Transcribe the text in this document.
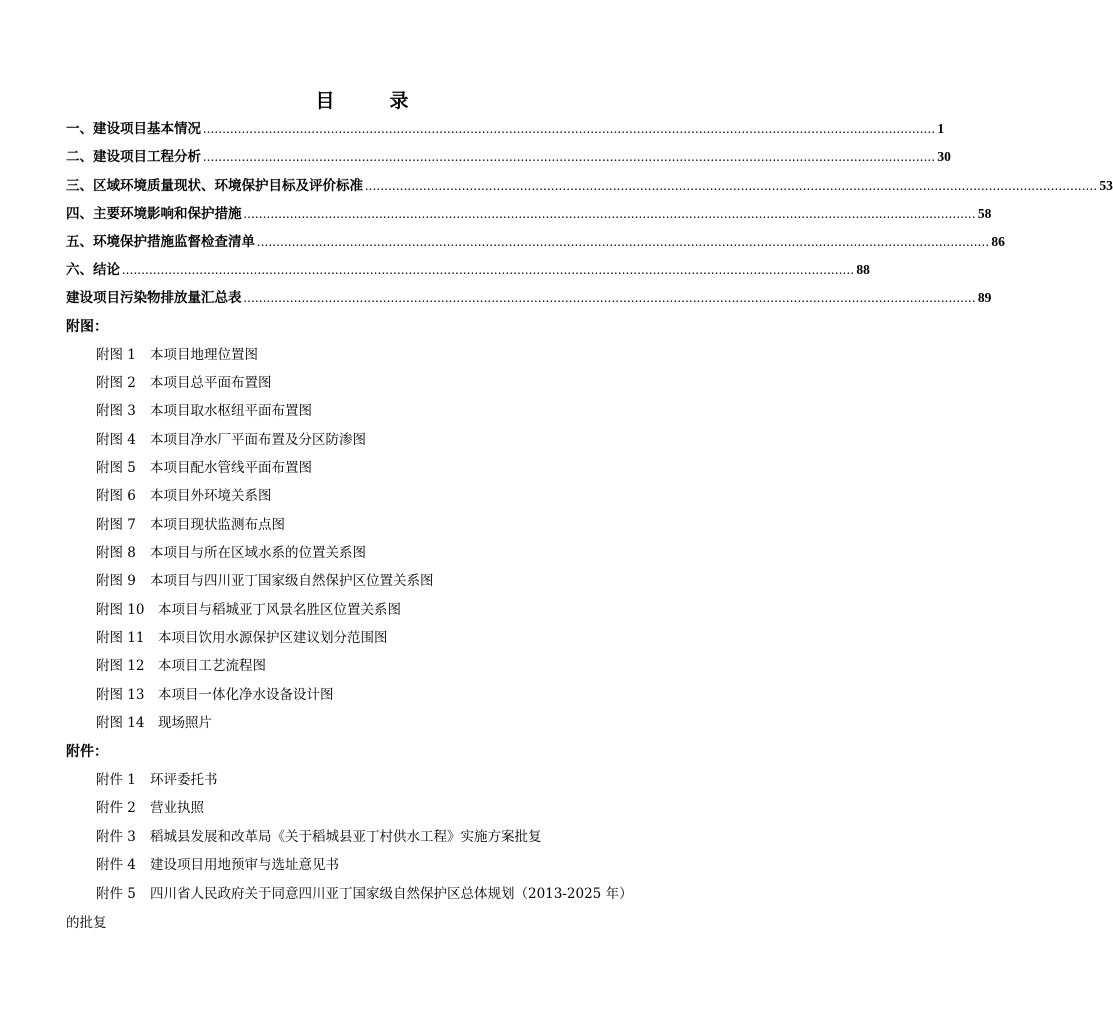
目　录
一、建设项目基本情况 ............................................................................................................................................................................................. 1
二、建设项目工程分析 ............................................................................................................................................................................................. 30
三、区域环境质量现状、环境保护目标及评价标准 ............................................................................................................................................................................................. 53
四、主要环境影响和保护措施 ............................................................................................................................................................................................. 58
五、环境保护措施监督检查清单 ............................................................................................................................................................................................. 86
六、结论 ............................................................................................................................................................................................. 88
建设项目污染物排放量汇总表 ............................................................................................................................................................................................. 89
附图：
附图 1 本项目地理位置图
附图 2 本项目总平面布置图
附图 3 本项目取水枢纽平面布置图
附图 4 本项目净水厂平面布置及分区防渗图
附图 5 本项目配水管线平面布置图
附图 6 本项目外环境关系图
附图 7 本项目现状监测布点图
附图 8 本项目与所在区域水系的位置关系图
附图 9 本项目与四川亚丁国家级自然保护区位置关系图
附图 10 本项目与稻城亚丁风景名胜区位置关系图
附图 11 本项目饮用水源保护区建议划分范围图
附图 12 本项目工艺流程图
附图 13 本项目一体化净水设备设计图
附图 14 现场照片
附件：
附件 1 环评委托书
附件 2 营业执照
附件 3 稻城县发展和改革局《关于稻城县亚丁村供水工程》实施方案批复
附件 4 建设项目用地预审与选址意见书
附件 5 四川省人民政府关于同意四川亚丁国家级自然保护区总体规划（2013-2025 年）
的批复
